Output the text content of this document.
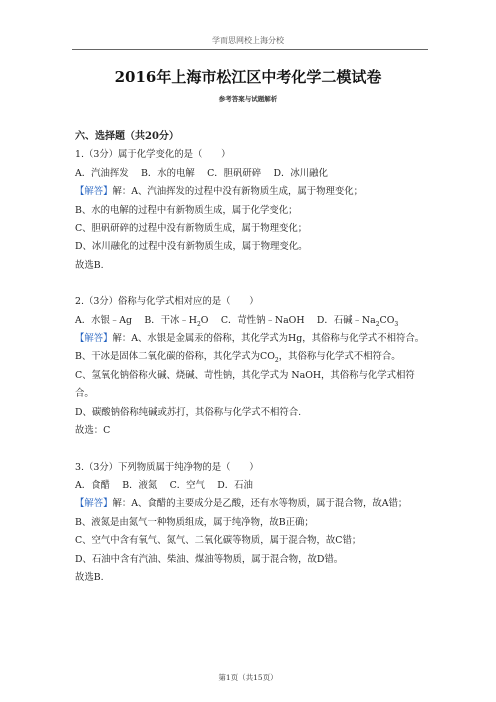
学而思网校上海分校
2016年上海市松江区中考化学二模试卷
参考答案与试题解析
六、选择题（共20分）
1.（3分）属于化学变化的是（　　）
A．汽油挥发　 B．水的电解　 C．胆矾研碎　 D．冰川融化
【解答】解：A、汽油挥发的过程中没有新物质生成，属于物理变化；
B、水的电解的过程中有新物质生成，属于化学变化；
C、胆矾研碎的过程中没有新物质生成，属于物理变化；
D、冰川融化的过程中没有新物质生成，属于物理变化。
故选B.
2.（3分）俗称与化学式相对应的是（　　）
A．水银﹣Ag　 B．干冰$﹣H_2O$　 C．苛性钠﹣NaOH　 D．石碱$﹣Na_2CO_3$
【解答】解：A、水银是金属汞的俗称，其化学式为Hg，其俗称与化学式不相符合。
B、干冰是固体二氧化碳的俗称，其化学式为$CO_2$，其俗称与化学式不相符合。
C、氢氧化钠俗称火碱、烧碱、苛性钠，其化学式为 NaOH，其俗称与化学式相符合。
D、碳酸钠俗称纯碱或苏打，其俗称与化学式不相符合.
故选：C
3.（3分）下列物质属于纯净物的是（　　）
A．食醋　 B．液氮　 C．空气　 D．石油
【解答】解：A、食醋的主要成分是乙酸，还有水等物质，属于混合物，故A错；
B、液氮是由氮气一种物质组成，属于纯净物，故B正确；
C、空气中含有氧气、氮气、二氧化碳等物质，属于混合物，故C错；
D、石油中含有汽油、柴油、煤油等物质，属于混合物，故D错。
故选B.
第1页（共15页）
